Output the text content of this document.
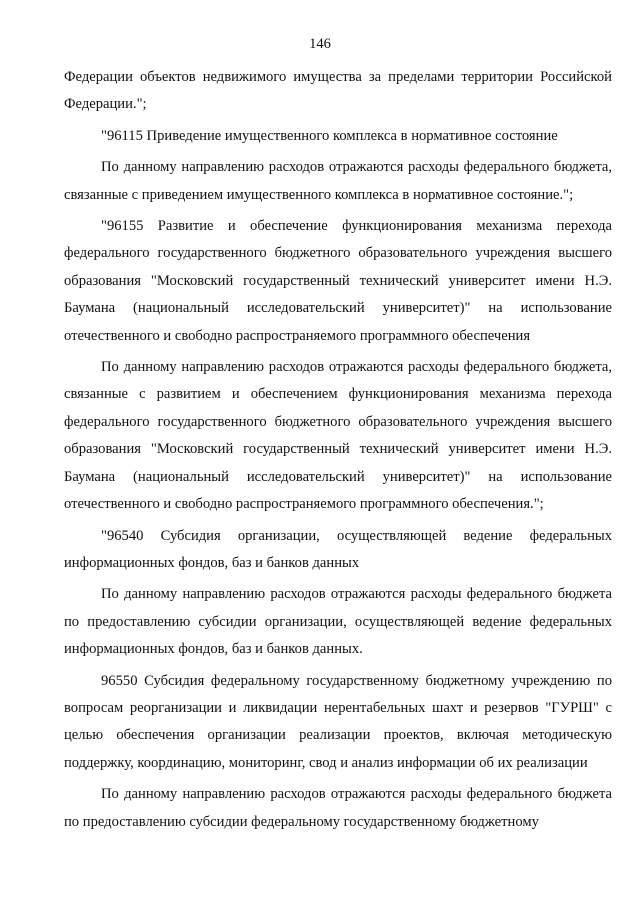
146

Федерации объектов недвижимого имущества за пределами территории Российской Федерации.";

"96115 Приведение имущественного комплекса в нормативное состояние

По данному направлению расходов отражаются расходы федерального бюджета, связанные с приведением имущественного комплекса в нормативное состояние.";

"96155 Развитие и обеспечение функционирования механизма перехода федерального государственного бюджетного образовательного учреждения высшего образования "Московский государственный технический университет имени Н.Э. Баумана (национальный исследовательский университет)" на использование отечественного и свободно распространяемого программного обеспечения

По данному направлению расходов отражаются расходы федерального бюджета, связанные с развитием и обеспечением функционирования механизма перехода федерального государственного бюджетного образовательного учреждения высшего образования "Московский государственный технический университет имени Н.Э. Баумана (национальный исследовательский университет)" на использование отечественного и свободно распространяемого программного обеспечения.";

"96540 Субсидия организации, осуществляющей ведение федеральных информационных фондов, баз и банков данных

По данному направлению расходов отражаются расходы федерального бюджета по предоставлению субсидии организации, осуществляющей ведение федеральных информационных фондов, баз и банков данных.

96550 Субсидия федеральному государственному бюджетному учреждению по вопросам реорганизации и ликвидации нерентабельных шахт и резервов "ГУРШ" с целью обеспечения организации реализации проектов, включая методическую поддержку, координацию, мониторинг, свод и анализ информации об их реализации

По данному направлению расходов отражаются расходы федерального бюджета по предоставлению субсидии федеральному государственному бюджетному
